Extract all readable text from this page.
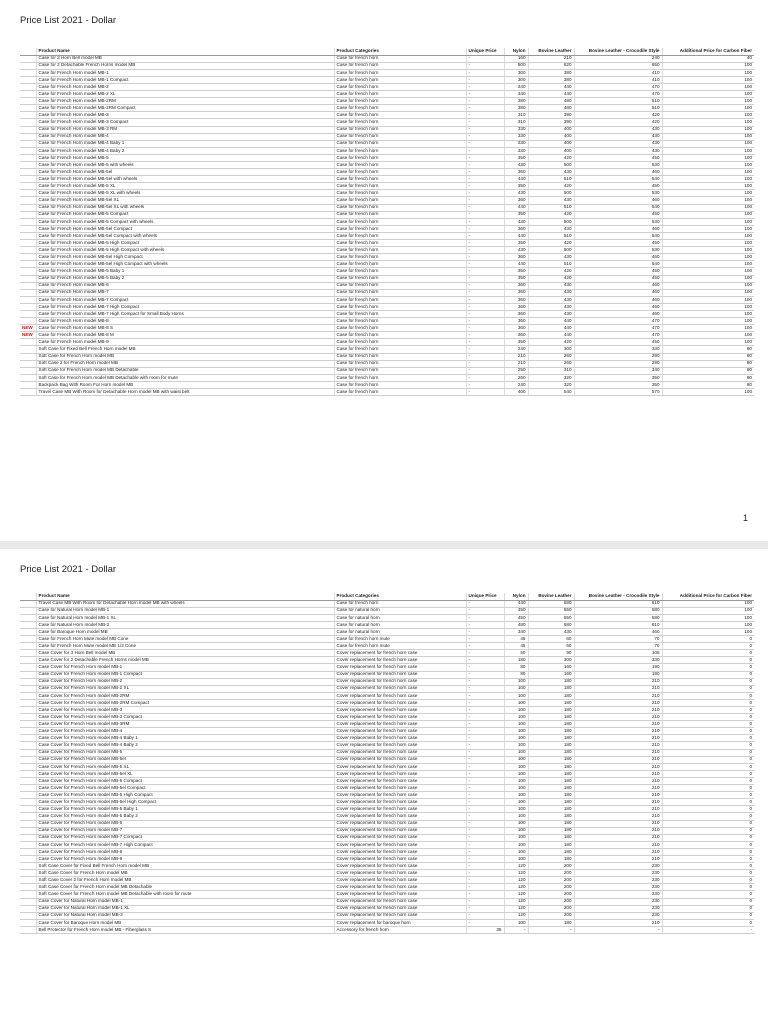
Price List 2021 - Dollar
	Product Name	Product Categories	Unique Price	Nylon	Bovine Leather	Bovine Leather - Crocodile Style	Additional Price for Carbon Fiber
	Case for 3 Horn Bell model MB	Case for french horn	-	160	210	240	40
	Case for 2 Detachable French Horns model MB	Case for french horn	-	500	620	650	100
	Case for French Horn model MB-1	Case for french horn	-	300	380	410	100
	Case for French Horn model MB-1 Compact	Case for french horn	-	300	380	410	100
	Case for French Horn model MB-2	Case for french horn	-	340	440	470	100
	Case for French Horn model MB-2 XL	Case for french horn	-	340	440	470	100
	Case for French Horn model MB-2RM	Case for french horn	-	380	480	510	100
	Case for French Horn model MB-2RM Compact	Case for french horn	-	380	480	510	100
	Case for French Horn model MB-3	Case for french horn	-	310	390	420	100
	Case for French Horn model MB-3 Compact	Case for french horn	-	310	390	420	100
	Case for French Horn model MB-3 RM	Case for french horn	-	330	400	430	100
	Case for French Horn model MB-4	Case for french horn	-	330	400	430	100
	Case for French Horn model MB-4 Baby 1	Case for french horn	-	330	400	430	100
	Case for French Horn model MB-4 Baby 2	Case for french horn	-	330	400	430	100
	Case for French Horn model MB-5	Case for french horn	-	350	420	450	100
	Case for French Horn model MB-5 with wheels	Case for french horn	-	430	500	530	100
	Case for French Horn model MB-5el	Case for french horn	-	360	430	460	100
	Case for French Horn model MB-5el with wheels	Case for french horn	-	440	510	540	100
	Case for French Horn model MB-5 XL	Case for french horn	-	350	420	450	100
	Case for French Horn model MB-5 XL with wheels	Case for french horn	-	430	500	530	100
	Case for French Horn model MB-5el XL	Case for french horn	-	360	430	460	100
	Case for French Horn model MB-5el XL with wheels	Case for french horn	-	440	510	540	100
	Case for French Horn model MB-5 Compact	Case for french horn	-	350	420	450	100
	Case for French Horn model MB-5 Compact with wheels	Case for french horn	-	430	500	530	100
	Case for French Horn model MB-5el Compact	Case for french horn	-	360	430	460	100
	Case for French Horn model MB-5el Compact with wheels	Case for french horn	-	440	510	540	100
	Case for French Horn model MB-5 High Compact	Case for french horn	-	350	420	450	100
	Case for French Horn model MB-5 High Compact with wheels	Case for french horn	-	430	500	530	100
	Case for French Horn model MB-5el High Compact	Case for french horn	-	360	430	460	100
	Case for French Horn model MB-5el High Compact with wheels	Case for french horn	-	440	510	540	100
	Case for French Horn model MB-5 Baby 1	Case for french horn	-	350	420	450	100
	Case for French Horn model MB-5 Baby 2	Case for french horn	-	350	420	450	100
	Case for French Horn model MB-6	Case for french horn	-	360	430	460	100
	Case for French Horn model MB-7	Case for french horn	-	360	430	460	100
	Case for French Horn model MB-7 Compact	Case for french horn	-	360	430	460	100
	Case for French Horn model MB-7 High Compact	Case for french horn	-	360	430	460	100
	Case for French Horn model MB-7 High Compact for Small Body Horns	Case for french horn	-	360	430	460	100
	Case for French Horn model MB-8	Case for french horn	-	360	440	470	100
NEW	Case for French Horn model MB-8 S	Case for french horn	-	360	440	470	100
NEW	Case for French Horn model MB-8 M	Case for french horn	-	360	440	470	100
	Case for French Horn model MB-9	Case for french horn	-	350	420	450	100
	Soft Case for Fixed Bell French Horn model MB	Case for french horn	-	240	300	330	80
	Soft Case for French Horn model MB	Case for french horn	-	210	260	290	80
	Soft Case 2 for French Horn model MB	Case for french horn	-	210	260	290	80
	Soft Case for French Horn model MB Detachable	Case for french horn	-	250	310	340	80
	Soft Case for French Horn model MB Detachable with room for mute	Case for french horn	-	260	320	350	80
	Backpack Bag With Room For Horn model MB	Case for french horn	-	240	320	350	80
	Travel Case MB With Room for Detachable Horn model MB with waist belt	Case for french horn	-	400	540	570	100
1
Price List 2021 - Dollar
	Product Name	Product Categories	Unique Price	Nylon	Bovine Leather	Bovine Leather - Crocodile Style	Additional Price for Carbon Fiber
	Travel Case MB With Room for Detachable Horn model MB with wheels	Case for french horn	-	440	580	610	100
	Case for Natural Horn model MB-1	Case for natural horn	-	450	550	580	100
	Case for Natural Horn model MB-1 XL	Case for natural horn	-	450	550	580	100
	Case for Natural Horn model MB-2	Case for natural horn	-	480	580	610	100
	Case for Baroque Horn model MB	Case for natural horn	-	340	430	460	100
	Case for French Horn Mute model MB Cone	Case for french horn mute	-	45	60	70	0
	Case for French Horn Mute model MB 1/2 Cone	Case for french horn mute	-	45	60	70	0
	Case Cover for 3 Horn Bell model MB	Cover replacement for french horn case	-	50	90	105	0
	Case Cover for 2 Detachable French Horns model MB	Cover replacement for french horn case	-	180	300	330	0
	Case Cover for French Horn model MB-1	Cover replacement for french horn case	-	80	160	190	0
	Case Cover for French Horn model MB-1 Compact	Cover replacement for french horn case	-	80	160	190	0
	Case Cover for French Horn model MB-2	Cover replacement for french horn case	-	100	180	210	0
	Case Cover for French Horn model MB-2 XL	Cover replacement for french horn case	-	100	180	210	0
	Case Cover for French Horn model MB-2RM	Cover replacement for french horn case	-	100	180	210	0
	Case Cover for French Horn model MB-2RM Compact	Cover replacement for french horn case	-	100	180	210	0
	Case Cover for French Horn model MB-3	Cover replacement for french horn case	-	100	180	210	0
	Case Cover for French Horn model MB-3 Compact	Cover replacement for french horn case	-	100	180	210	0
	Case Cover for French Horn model MB-3RM	Cover replacement for french horn case	-	100	180	210	0
	Case Cover for French Horn model MB-4	Cover replacement for french horn case	-	100	180	210	0
	Case Cover for French Horn model MB-4 Baby 1	Cover replacement for french horn case	-	100	180	210	0
	Case Cover for French Horn model MB-4 Baby 2	Cover replacement for french horn case	-	100	180	210	0
	Case Cover for French Horn model MB-5	Cover replacement for french horn case	-	100	180	210	0
	Case Cover for French Horn model MB-5el	Cover replacement for french horn case	-	100	180	210	0
	Case Cover for French Horn model MB-5 XL	Cover replacement for french horn case	-	100	180	210	0
	Case Cover for French Horn model MB-5el XL	Cover replacement for french horn case	-	100	180	210	0
	Case Cover for French Horn model MB-5 Compact	Cover replacement for french horn case	-	100	180	210	0
	Case Cover for French Horn model MB-5el Compact	Cover replacement for french horn case	-	100	180	210	0
	Case Cover for French Horn model MB-5 High Compact	Cover replacement for french horn case	-	100	180	210	0
	Case Cover for French Horn model MB-5el High Compact	Cover replacement for french horn case	-	100	180	210	0
	Case Cover for French Horn model MB-5 Baby 1	Cover replacement for french horn case	-	100	180	210	0
	Case Cover for French Horn model MB-5 Baby 2	Cover replacement for french horn case	-	100	180	210	0
	Case Cover for French Horn model MB-6	Cover replacement for french horn case	-	100	180	210	0
	Case Cover for French Horn model MB-7	Cover replacement for french horn case	-	100	180	210	0
	Case Cover for French Horn model MB-7 Compact	Cover replacement for french horn case	-	100	180	210	0
	Case Cover for French Horn model MB-7 High Compact	Cover replacement for french horn case	-	100	180	210	0
	Case Cover for French Horn model MB-8	Cover replacement for french horn case	-	100	180	210	0
	Case Cover for French Horn model MB-9	Cover replacement for french horn case	-	100	180	210	0
	Soft Case Cover for Fixed Bell French Horn model MB	Cover replacement for french horn case	-	120	200	230	0
	Soft Case Cover for French Horn model MB	Cover replacement for french horn case	-	120	200	230	0
	Soft Case Cover 2 for French Horn model MB	Cover replacement for french horn case	-	120	200	230	0
	Soft Case Cover for French Horn model MB Detachable	Cover replacement for french horn case	-	120	200	230	0
	Soft Case Cover for French Horn model MB Detachable with room for mute	Cover replacement for french horn case	-	120	200	230	0
	Case Cover for Natural Horn model MB-1	Cover replacement for french horn case	-	120	200	230	0
	Case Cover for Natural Horn model MB-1 XL	Cover replacement for french horn case	-	120	200	230	0
	Case Cover for Natural Horn model MB-2	Cover replacement for french horn case	-	120	200	230	0
	Case Cover for Baroque Horn model MB	Cover replacement for baroque horn	-	100	180	210	0
	Bell Protector for French Horn model MB - Fiberglass S	Accessory for french horn	35	-	-	-	-
